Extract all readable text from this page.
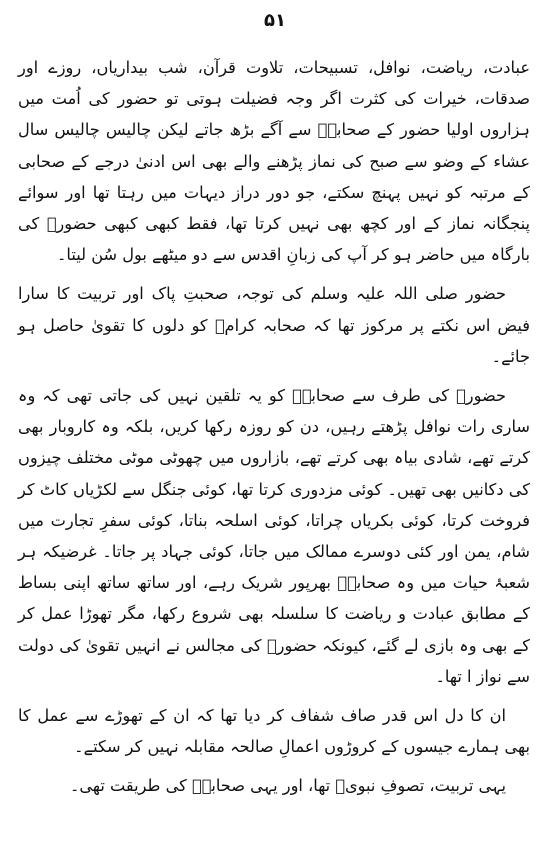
۵۱

عبادت، ریاضت، نوافل، تسبیحات، تلاوت قرآن، شب بیداریاں، روزے اور صدقات، خیرات کی کثرت اگر وجہ فضیلت ہوتی تو حضور کی اُمت میں ہزاروں اولیا حضور کے صحابہؓ سے آگے بڑھ جاتے لیکن چالیس چالیس سال عشاء کے وضو سے صبح کی نماز پڑھنے والے بھی اس ادنیٰ درجے کے صحابی کے مرتبہ کو نہیں پہنچ سکتے، جو دور دراز دیہات میں رہتا تھا اور سوائے پنجگانہ نماز کے اور کچھ بھی نہیں کرتا تھا، فقط کبھی کبھی حضورؐ کی بارگاہ میں حاضر ہو کر آپ کی زبانِ اقدس سے دو میٹھے بول سُن لیتا۔

حضور صلی اللہ علیہ وسلم کی توجہ، صحبتِ پاک اور تربیت کا سارا فیض اس نکتے پر مرکوز تھا کہ صحابہ کرامؓ کو دلوں کا تقویٰ حاصل ہو جائے۔

حضورؐ کی طرف سے صحابہؓ کو یہ تلقین نہیں کی جاتی تھی کہ وہ ساری رات نوافل پڑھتے رہیں، دن کو روزہ رکھا کریں، بلکہ وہ کاروبار بھی کرتے تھے، شادی بیاہ بھی کرتے تھے، بازاروں میں چھوٹی موٹی مختلف چیزوں کی دکانیں بھی تھیں۔ کوئی مزدوری کرتا تھا، کوئی جنگل سے لکڑیاں کاٹ کر فروخت کرتا، کوئی بکریاں چراتا، کوئی اسلحہ بناتا، کوئی سفرِ تجارت میں شام، یمن اور کئی دوسرے ممالک میں جاتا، کوئی جہاد پر جاتا۔ غرضیکہ ہر شعبۂ حیات میں وہ صحابہؓ بھرپور شریک رہے، اور ساتھ ساتھ اپنی بساط کے مطابق عبادت و ریاضت کا سلسلہ بھی شروع رکھا، مگر تھوڑا عمل کر کے بھی وہ بازی لے گئے، کیونکہ حضورؐ کی مجالس نے انہیں تقویٰ کی دولت سے نواز ا تھا۔

ان کا دل اس قدر صاف شفاف کر دیا تھا کہ ان کے تھوڑے سے عمل کا بھی ہمارے جیسوں کے کروڑوں اعمالِ صالحہ مقابلہ نہیں کر سکتے۔

یہی تربیت، تصوفِ نبویؐ تھا، اور یہی صحابہؓ کی طریقت تھی۔
